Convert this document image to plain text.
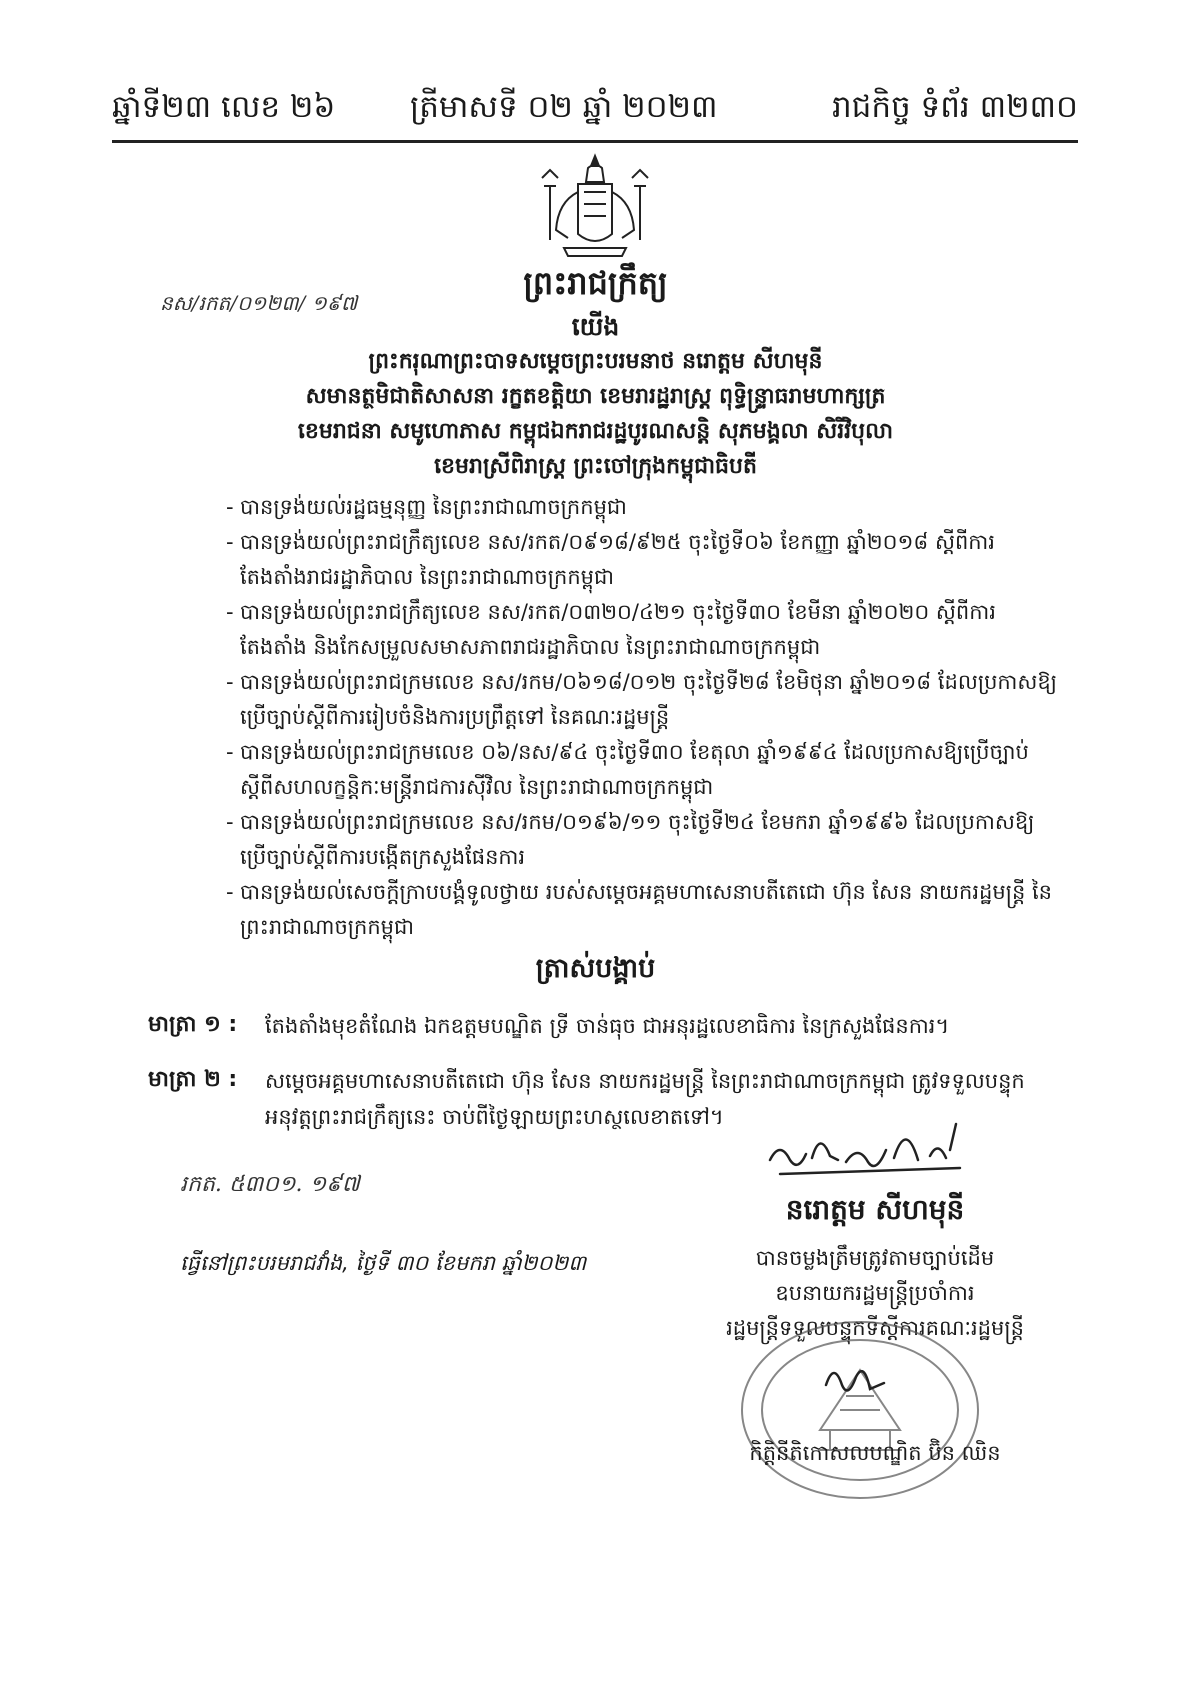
ឆ្នាំទី២៣ លេខ ២៦ ត្រីមាសទី ០២ ឆ្នាំ ២០២៣	រាជកិច្ច ទំព័រ ៣២៣០
ព្រះរាជក្រឹត្យ
នស/រកត/០១២៣/ ១៩៧
យើង
ព្រះករុណាព្រះបាទសម្តេចព្រះបរមនាថ នរោត្តម សីហមុនី
សមានត្ថមិជាតិសាសនា រក្ខតខត្តិយា ខេមរារដ្ឋរាស្ត្រ ពុទ្ធិន្ទ្រាធរាមហាក្សត្រ
ខេមរាជនា សមូហោភាស កម្ពុជឯករាជរដ្ឋបូរណសន្តិ សុភមង្គលា សិរីវិបុលា
ខេមរាស្រីពិរាស្ត្រ ព្រះចៅក្រុងកម្ពុជាធិបតី
- បានទ្រង់យល់រដ្ឋធម្មនុញ្ញ នៃព្រះរាជាណាចក្រកម្ពុជា
- បានទ្រង់យល់ព្រះរាជក្រឹត្យលេខ នស/រកត/០៩១៨/៩២៥ ចុះថ្ងៃទី០៦ ខែកញ្ញា ឆ្នាំ២០១៨ ស្តីពីការតែងតាំងរាជរដ្ឋាភិបាល នៃព្រះរាជាណាចក្រកម្ពុជា
- បានទ្រង់យល់ព្រះរាជក្រឹត្យលេខ នស/រកត/០៣២០/៤២១ ចុះថ្ងៃទី៣០ ខែមីនា ឆ្នាំ២០២០ ស្តីពីការតែងតាំង និងកែសម្រួលសមាសភាពរាជរដ្ឋាភិបាល នៃព្រះរាជាណាចក្រកម្ពុជា
- បានទ្រង់យល់ព្រះរាជក្រមលេខ នស/រកម/០៦១៨/០១២ ចុះថ្ងៃទី២៨ ខែមិថុនា ឆ្នាំ២០១៨ ដែលប្រកាសឱ្យប្រើច្បាប់ស្តីពីការរៀបចំនិងការប្រព្រឹត្តទៅ នៃគណៈរដ្ឋមន្ត្រី
- បានទ្រង់យល់ព្រះរាជក្រមលេខ ០៦/នស/៩៤ ចុះថ្ងៃទី៣០ ខែតុលា ឆ្នាំ១៩៩៤ ដែលប្រកាសឱ្យប្រើច្បាប់ស្តីពីសហលក្ខន្តិកៈមន្ត្រីរាជការស៊ីវិល នៃព្រះរាជាណាចក្រកម្ពុជា
- បានទ្រង់យល់ព្រះរាជក្រមលេខ នស/រកម/០១៩៦/១១ ចុះថ្ងៃទី២៤ ខែមករា ឆ្នាំ១៩៩៦ ដែលប្រកាសឱ្យប្រើច្បាប់ស្តីពីការបង្កើតក្រសួងផែនការ
- បានទ្រង់យល់សេចក្តីក្រាបបង្គំទូលថ្វាយ របស់សម្តេចអគ្គមហាសេនាបតីតេជោ ហ៊ុន សែន នាយករដ្ឋមន្ត្រី នៃព្រះរាជាណាចក្រកម្ពុជា
ត្រាស់បង្គាប់
មាត្រា ១ : តែងតាំងមុខតំណែង ឯកឧត្តមបណ្ឌិត ទ្រី ចាន់ធុច ជាអនុរដ្ឋលេខាធិការ នៃក្រសួងផែនការ។
មាត្រា ២ : សម្តេចអគ្គមហាសេនាបតីតេជោ ហ៊ុន សែន នាយករដ្ឋមន្ត្រី នៃព្រះរាជាណាចក្រកម្ពុជា ត្រូវទទួលបន្ទុកអនុវត្តព្រះរាជក្រឹត្យនេះ ចាប់ពីថ្ងៃឡាយព្រះហស្ថលេខាតទៅ។
រកត. ៥៣០១. ១៩៧
ធ្វើនៅព្រះបរមរាជវាំង, ថ្ងៃទី ៣០ ខែមករា ឆ្នាំ២០២៣
នរោត្តម សីហមុនី
បានចម្លងត្រឹមត្រូវតាមច្បាប់ដើម
ឧបនាយករដ្ឋមន្ត្រីប្រចាំការ
រដ្ឋមន្ត្រីទទួលបន្ទុកទីស្តីការគណៈរដ្ឋមន្ត្រី
កិត្តិនីតិកោសលបណ្ឌិត ប៊ិន ឈិន
